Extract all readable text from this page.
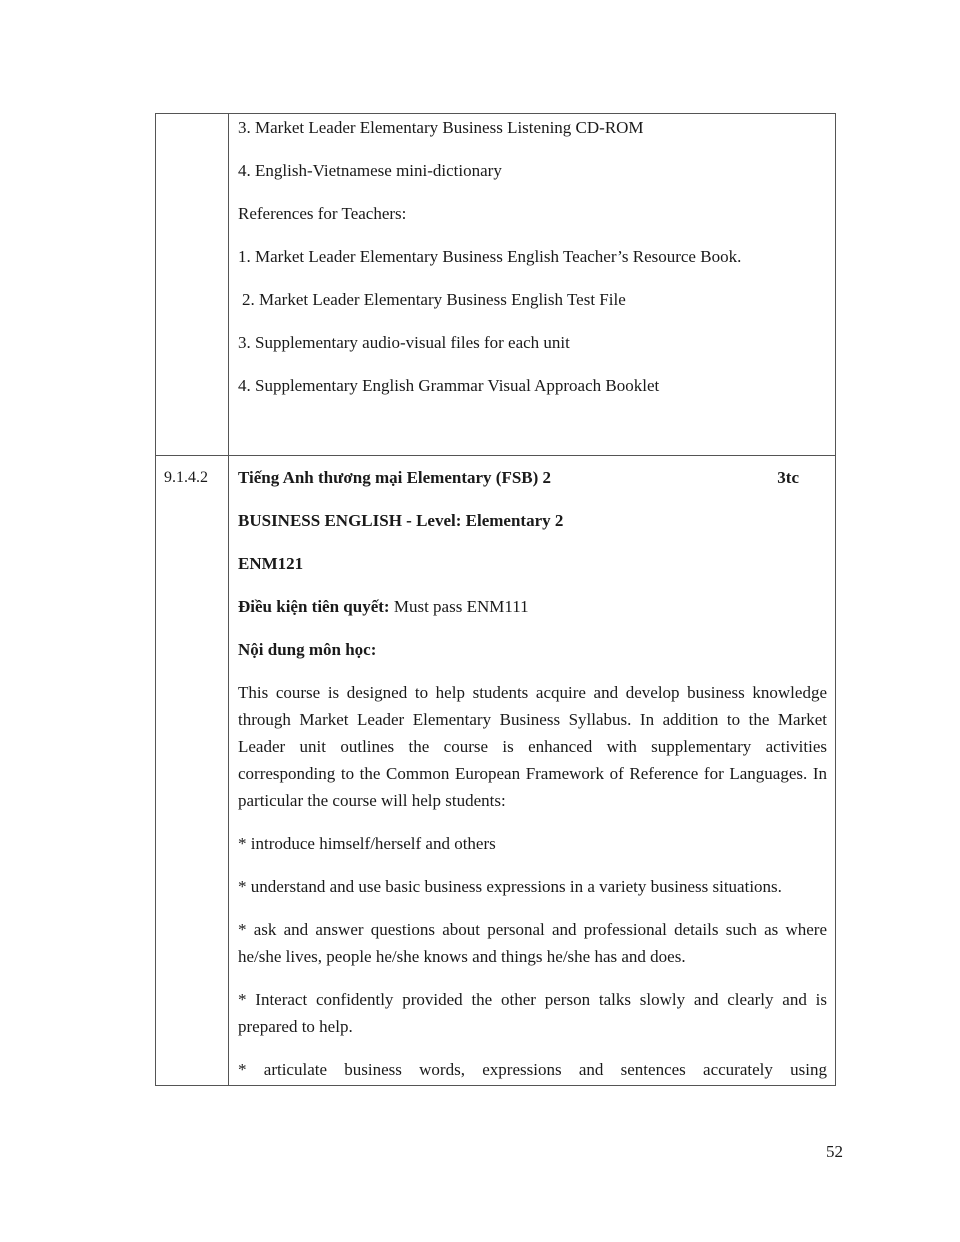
3. Market Leader Elementary Business Listening CD-ROM

4. English-Vietnamese mini-dictionary

References for Teachers:

1. Market Leader Elementary Business English Teacher’s Resource Book.

2. Market Leader Elementary Business English Test File

3. Supplementary audio-visual files for each unit

4. Supplementary English Grammar Visual Approach Booklet

9.1.4.2	Tiếng Anh thương mại Elementary (FSB) 2	3tc

BUSINESS ENGLISH - Level: Elementary 2

ENM121

Điều kiện tiên quyết: Must pass ENM111

Nội dung môn học:

This course is designed to help students acquire and develop business knowledge through Market Leader Elementary Business Syllabus. In addition to the Market Leader unit outlines the course is enhanced with supplementary activities corresponding to the Common European Framework of Reference for Languages. In particular the course will help students:

* introduce himself/herself and others

* understand and use basic business expressions in a variety business situations.

* ask and answer questions about personal and professional details such as where he/she lives, people he/she knows and things he/she has and does.

* Interact confidently provided the other person talks slowly and clearly and is prepared to help.

* articulate business words, expressions and sentences accurately using

52
